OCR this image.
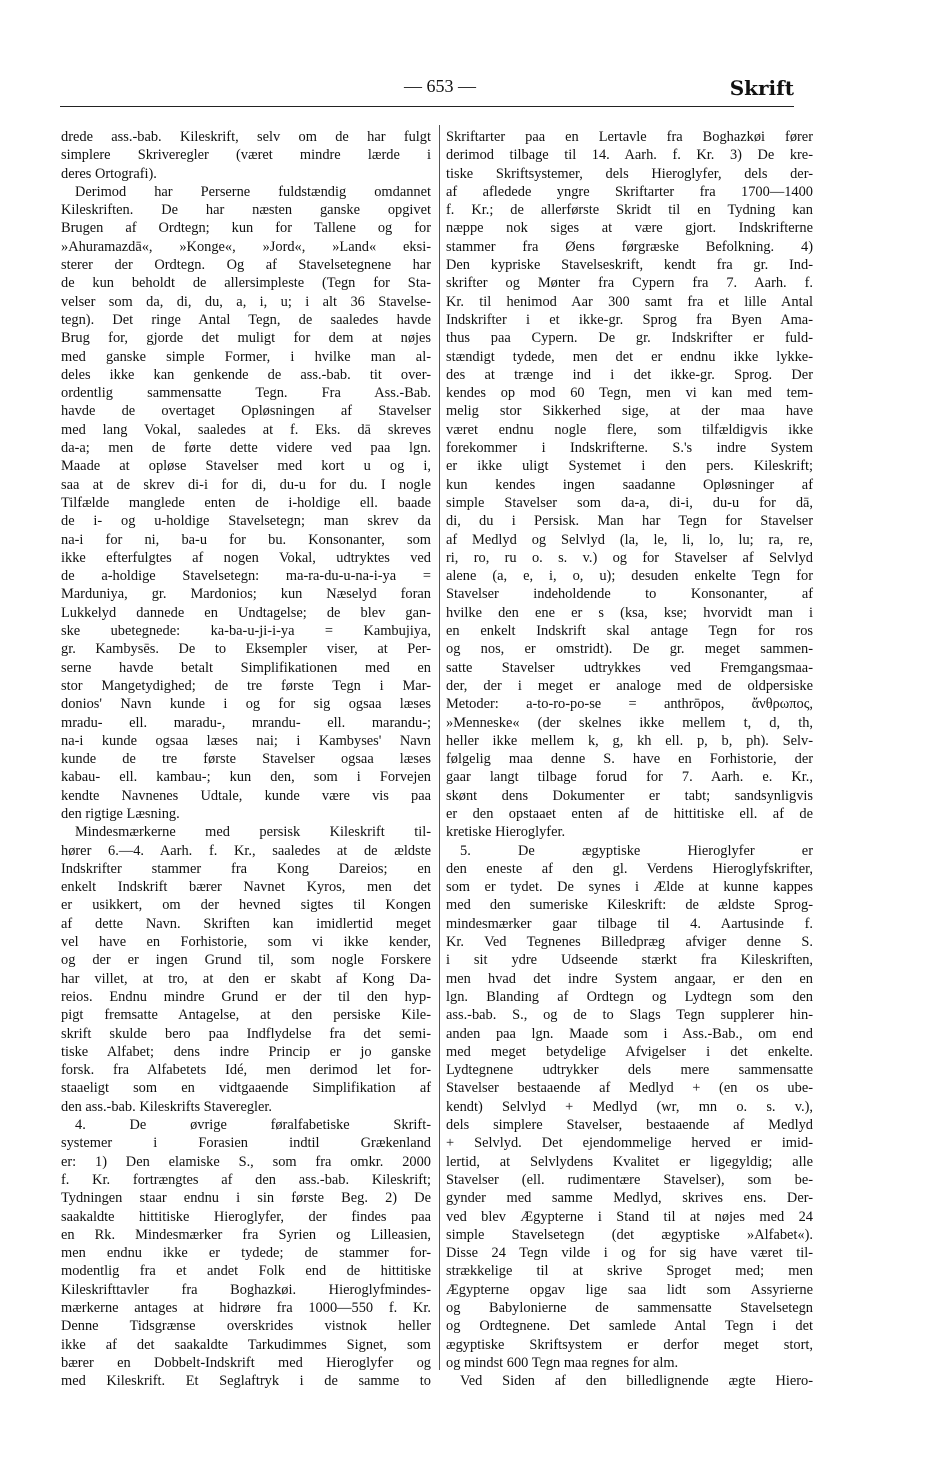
— 653 —	Skrift
drede ass.-bab. Kileskrift, selv om de har fulgt
simplere Skriveregler (været mindre lærde i
deres Ortografi).
Derimod har Perserne fuldstændig omdannet
Kileskriften. De har næsten ganske opgivet
Brugen af Ordtegn; kun for Tallene og for
»Ahuramazdā«, »Konge«, »Jord«, »Land« eksi-
sterer der Ordtegn. Og af Stavelsetegnene har
de kun beholdt de allersimpleste (Tegn for Sta-
velser som da, di, du, a, i, u; i alt 36 Stavelse-
tegn). Det ringe Antal Tegn, de saaledes havde
Brug for, gjorde det muligt for dem at nøjes
med ganske simple Former, i hvilke man al-
deles ikke kan genkende de ass.-bab. tit over-
ordentlig sammensatte Tegn. Fra Ass.-Bab.
havde de overtaget Opløsningen af Stavelser
med lang Vokal, saaledes at f. Eks. dā skreves
da-a; men de førte dette videre ved paa lgn.
Maade at opløse Stavelser med kort u og i,
saa at de skrev di-i for di, du-u for du. I nogle
Tilfælde manglede enten de i-holdige ell. baade
de i- og u-holdige Stavelsetegn; man skrev da
na-i for ni, ba-u for bu. Konsonanter, som
ikke efterfulgtes af nogen Vokal, udtryktes ved
de a-holdige Stavelsetegn: ma-ra-du-u-na-i-ya =
Marduniya, gr. Mardonios; kun Næselyd foran
Lukkelyd dannede en Undtagelse; de blev gan-
ske ubetegnede: ka-ba-u-ji-i-ya = Kambujiya,
gr. Kambysēs. De to Eksempler viser, at Per-
serne havde betalt Simplifikationen med en
stor Mangetydighed; de tre første Tegn i Mar-
donios' Navn kunde i og for sig ogsaa læses
mradu- ell. maradu-, mrandu- ell. marandu-;
na-i kunde ogsaa læses nai; i Kambyses' Navn
kunde de tre første Stavelser ogsaa læses
kabau- ell. kambau-; kun den, som i Forvejen
kendte Navnenes Udtale, kunde være vis paa
den rigtige Læsning.
Mindesmærkerne med persisk Kileskrift til-
hører 6.—4. Aarh. f. Kr., saaledes at de ældste
Indskrifter stammer fra Kong Dareios; en
enkelt Indskrift bærer Navnet Kyros, men det
er usikkert, om der hevned sigtes til Kongen
af dette Navn. Skriften kan imidlertid meget
vel have en Forhistorie, som vi ikke kender,
og der er ingen Grund til, som nogle Forskere
har villet, at tro, at den er skabt af Kong Da-
reios. Endnu mindre Grund er der til den hyp-
pigt fremsatte Antagelse, at den persiske Kile-
skrift skulde bero paa Indflydelse fra det semi-
tiske Alfabet; dens indre Princip er jo ganske
forsk. fra Alfabetets Idé, men derimod let for-
staaeligt som en vidtgaaende Simplifikation af
den ass.-bab. Kileskrifts Staveregler.
4. De øvrige føralfabetiske Skrift-
systemer i Forasien indtil Grækenland
er: 1) Den elamiske S., som fra omkr. 2000
f. Kr. fortrængtes af den ass.-bab. Kileskrift;
Tydningen staar endnu i sin første Beg. 2) De
saakaldte hittitiske Hieroglyfer, der findes paa
en Rk. Mindesmærker fra Syrien og Lilleasien,
men endnu ikke er tydede; de stammer for-
modentlig fra et andet Folk end de hittitiske
Kileskrifttavler fra Boghazkøi. Hieroglyfmindes-
mærkerne antages at hidrøre fra 1000—550 f. Kr.
Denne Tidsgrænse overskrides vistnok heller
ikke af det saakaldte Tarkudimmes Signet, som
bærer en Dobbelt-Indskrift med Hieroglyfer og
med Kileskrift. Et Seglaftryk i de samme to
Skriftarter paa en Lertavle fra Boghazkøi fører
derimod tilbage til 14. Aarh. f. Kr. 3) De kre-
tiske Skriftsystemer, dels Hieroglyfer, dels der-
af afledede yngre Skriftarter fra 1700—1400
f. Kr.; de allerførste Skridt til en Tydning kan
næppe nok siges at være gjort. Indskrifterne
stammer fra Øens førgræske Befolkning. 4)
Den kypriske Stavelseskrift, kendt fra gr. Ind-
skrifter og Mønter fra Cypern fra 7. Aarh. f.
Kr. til henimod Aar 300 samt fra et lille Antal
Indskrifter i et ikke-gr. Sprog fra Byen Ama-
thus paa Cypern. De gr. Indskrifter er fuld-
stændigt tydede, men det er endnu ikke lykke-
des at trænge ind i det ikke-gr. Sprog. Der
kendes op mod 60 Tegn, men vi kan med tem-
melig stor Sikkerhed sige, at der maa have
været endnu nogle flere, som tilfældigvis ikke
forekommer i Indskrifterne. S.'s indre System
er ikke uligt Systemet i den pers. Kileskrift;
kun kendes ingen saadanne Opløsninger af
simple Stavelser som da-a, di-i, du-u for dā,
di, du i Persisk. Man har Tegn for Stavelser
af Medlyd og Selvlyd (la, le, li, lo, lu; ra, re,
ri, ro, ru o. s. v.) og for Stavelser af Selvlyd
alene (a, e, i, o, u); desuden enkelte Tegn for
Stavelser indeholdende to Konsonanter, af
hvilke den ene er s (ksa, kse; hvorvidt man i
en enkelt Indskrift skal antage Tegn for ros
og nos, er omstridt). De gr. meget sammen-
satte Stavelser udtrykkes ved Fremgangsmaa-
der, der i meget er analoge med de oldpersiske
Metoder: a-to-ro-po-se = anthrōpos, ἄνθρωπος,
»Menneske« (der skelnes ikke mellem t, d, th,
heller ikke mellem k, g, kh ell. p, b, ph). Selv-
følgelig maa denne S. have en Forhistorie, der
gaar langt tilbage forud for 7. Aarh. e. Kr.,
skønt dens Dokumenter er tabt; sandsynligvis
er den opstaaet enten af de hittitiske ell. af de
kretiske Hieroglyfer.
5. De ægyptiske Hieroglyfer er
den eneste af den gl. Verdens Hieroglyfskrifter,
som er tydet. De synes i Ælde at kunne kappes
med den sumeriske Kileskrift: de ældste Sprog-
mindesmærker gaar tilbage til 4. Aartusinde f.
Kr. Ved Tegnenes Billedpræg afviger denne S.
i sit ydre Udseende stærkt fra Kileskriften,
men hvad det indre System angaar, er den en
lgn. Blanding af Ordtegn og Lydtegn som den
ass.-bab. S., og de to Slags Tegn supplerer hin-
anden paa lgn. Maade som i Ass.-Bab., om end
med meget betydelige Afvigelser i det enkelte.
Lydtegnene udtrykker dels mere sammensatte
Stavelser bestaaende af Medlyd + (en os ube-
kendt) Selvlyd + Medlyd (wr, mn o. s. v.),
dels simplere Stavelser, bestaaende af Medlyd
+ Selvlyd. Det ejendommelige herved er imid-
lertid, at Selvlydens Kvalitet er ligegyldig; alle
Stavelser (ell. rudimentære Stavelser), som be-
gynder med samme Medlyd, skrives ens. Der-
ved blev Ægypterne i Stand til at nøjes med 24
simple Stavelsetegn (det ægyptiske »Alfabet«).
Disse 24 Tegn vilde i og for sig have været til-
strækkelige til at skrive Sproget med; men
Ægypterne opgav lige saa lidt som Assyrierne
og Babylonierne de sammensatte Stavelsetegn
og Ordtegnene. Det samlede Antal Tegn i det
ægyptiske Skriftsystem er derfor meget stort,
og mindst 600 Tegn maa regnes for alm.
Ved Siden af den billedlignende ægte Hiero-
